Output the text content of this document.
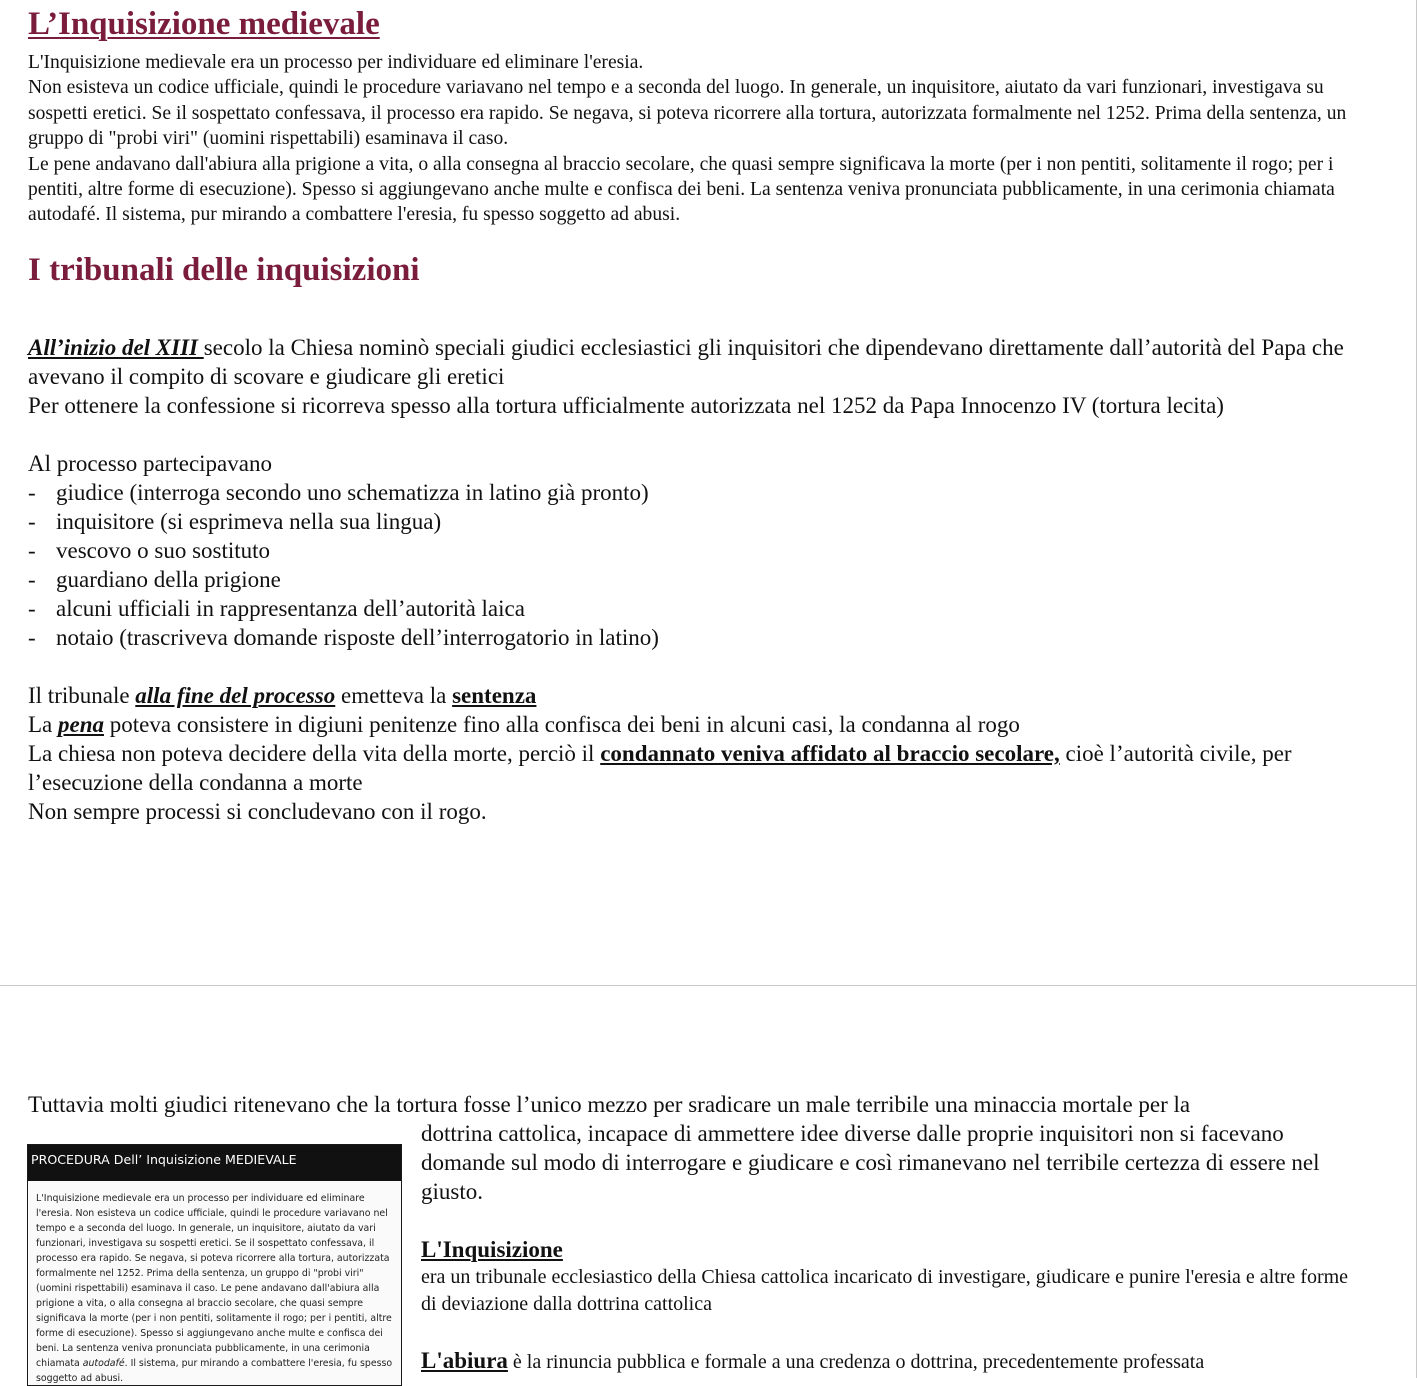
L’Inquisizione medievale

L'Inquisizione medievale era un processo per individuare ed eliminare l'eresia.

Non esisteva un codice ufficiale, quindi le procedure variavano nel tempo e a seconda del luogo. In generale, un inquisitore, aiutato da vari funzionari, investigava su sospetti eretici. Se il sospettato confessava, il processo era rapido. Se negava, si poteva ricorrere alla tortura, autorizzata formalmente nel 1252. Prima della sentenza, un gruppo di "probi viri" (uomini rispettabili) esaminava il caso.

Le pene andavano dall'abiura alla prigione a vita, o alla consegna al braccio secolare, che quasi sempre significava la morte (per i non pentiti, solitamente il rogo; per i pentiti, altre forme di esecuzione). Spesso si aggiungevano anche multe e confisca dei beni. La sentenza veniva pronunciata pubblicamente, in una cerimonia chiamata autodafé. Il sistema, pur mirando a combattere l'eresia, fu spesso soggetto ad abusi.

I tribunali delle inquisizioni

All’inizio del XIII secolo la Chiesa nominò speciali giudici ecclesiastici gli inquisitori che dipendevano direttamente dall’autorità del Papa che avevano il compito di scovare e giudicare gli eretici

Per ottenere la confessione si ricorreva spesso alla tortura ufficialmente autorizzata nel 1252 da Papa Innocenzo IV (tortura lecita)

Al processo partecipavano

- giudice (interroga secondo uno schematizza in latino già pronto)
- inquisitore (si esprimeva nella sua lingua)
- vescovo o suo sostituto
- guardiano della prigione
- alcuni ufficiali in rappresentanza dell’autorità laica
- notaio (trascriveva domande risposte dell’interrogatorio in latino)

Il tribunale alla fine del processo emetteva la sentenza

La pena poteva consistere in digiuni penitenze fino alla confisca dei beni in alcuni casi, la condanna al rogo

La chiesa non poteva decidere della vita della morte, perciò il condannato veniva affidato al braccio secolare, cioè l’autorità civile, per l’esecuzione della condanna a morte

Non sempre processi si concludevano con il rogo.

Tuttavia molti giudici ritenevano che la tortura fosse l’unico mezzo per sradicare un male terribile una minaccia mortale per la
PROCEDURA Dell’ Inquisizione MEDIEVALE
L'Inquisizione medievale era un processo per individuare ed eliminare l'eresia. Non esisteva un codice ufficiale, quindi le procedure variavano nel tempo e a seconda del luogo. In generale, un inquisitore, aiutato da vari funzionari, investigava su sospetti eretici. Se il sospettato confessava, il processo era rapido. Se negava, si poteva ricorrere alla tortura, autorizzata formalmente nel 1252. Prima della sentenza, un gruppo di "probi viri" (uomini rispettabili) esaminava il caso. Le pene andavano dall'abiura alla prigione a vita, o alla consegna al braccio secolare, che quasi sempre significava la morte (per i non pentiti, solitamente il rogo; per i pentiti, altre forme di esecuzione). Spesso si aggiungevano anche multe e confisca dei beni. La sentenza veniva pronunciata pubblicamente, in una cerimonia chiamata autodafé. Il sistema, pur mirando a combattere l'eresia, fu spesso soggetto ad abusi.

dottrina cattolica, incapace di ammettere idee diverse dalle proprie inquisitori non si facevano domande sul modo di interrogare e giudicare e così rimanevano nel terribile certezza di essere nel giusto.

L'Inquisizione

era un tribunale ecclesiastico della Chiesa cattolica incaricato di investigare, giudicare e punire l'eresia e altre forme di deviazione dalla dottrina cattolica

L'abiura è la rinuncia pubblica e formale a una credenza o dottrina, precedentemente professata
